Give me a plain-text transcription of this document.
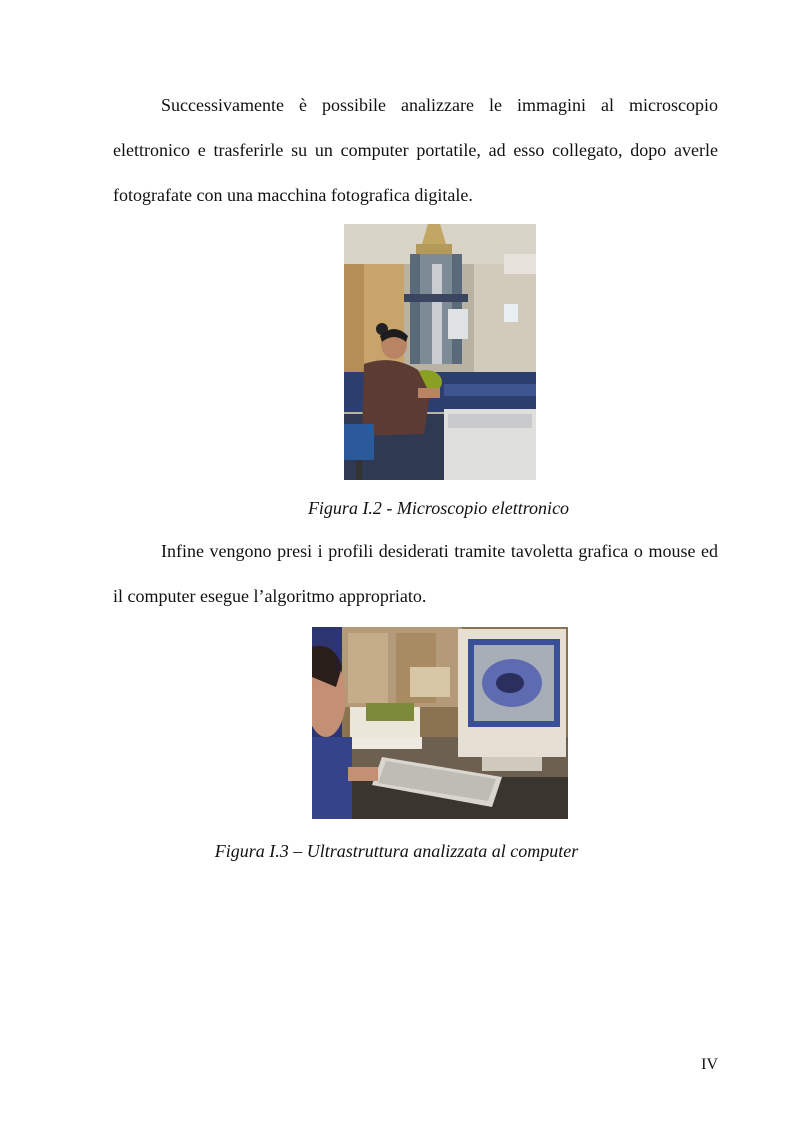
Successivamente è possibile analizzare le immagini al microscopio elettronico e trasferirle su un computer portatile, ad esso collegato, dopo averle fotografate con una macchina fotografica digitale.

Figura I.2 - Microscopio elettronico

Infine vengono presi i profili desiderati tramite tavoletta grafica o mouse ed il computer esegue l’algoritmo appropriato.

Figura I.3 – Ultrastruttura analizzata al computer

IV
